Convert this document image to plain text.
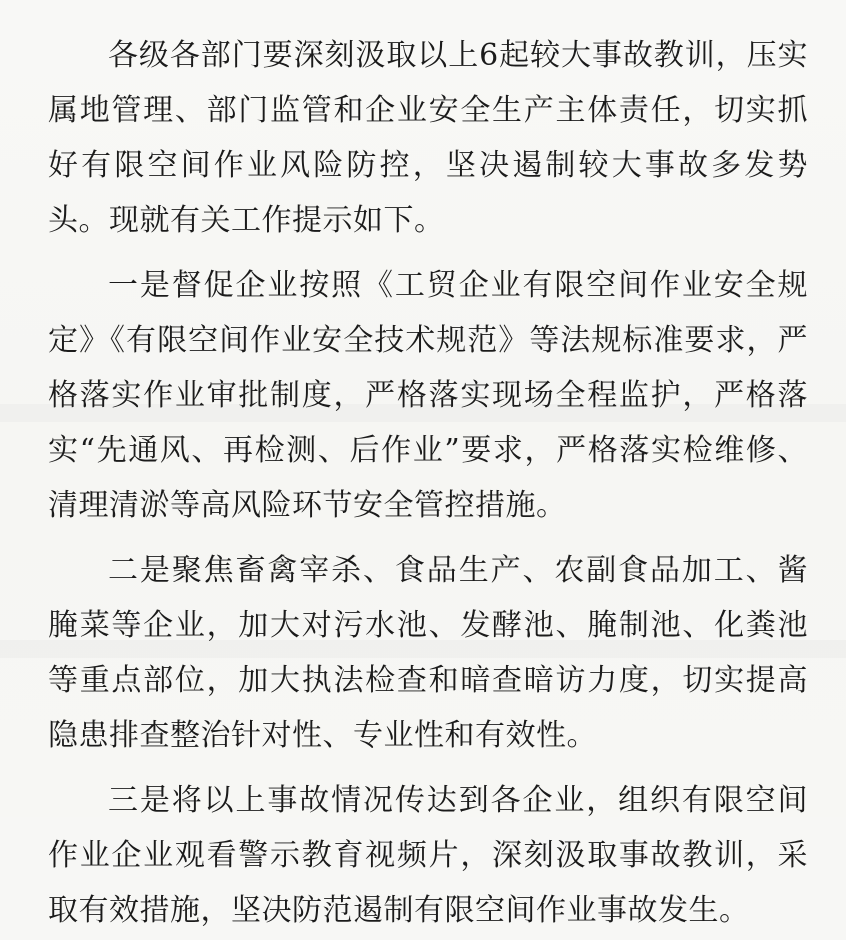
各级各部门要深刻汲取以上6起较大事故教训，压实属地管理、部门监管和企业安全生产主体责任，切实抓好有限空间作业风险防控，坚决遏制较大事故多发势头。现就有关工作提示如下。

一是督促企业按照《工贸企业有限空间作业安全规定》《有限空间作业安全技术规范》等法规标准要求，严格落实作业审批制度，严格落实现场全程监护，严格落实“先通风、再检测、后作业”要求，严格落实检维修、清理清淤等高风险环节安全管控措施。

二是聚焦畜禽宰杀、食品生产、农副食品加工、酱腌菜等企业，加大对污水池、发酵池、腌制池、化粪池等重点部位，加大执法检查和暗查暗访力度，切实提高隐患排查整治针对性、专业性和有效性。

三是将以上事故情况传达到各企业，组织有限空间作业企业观看警示教育视频片，深刻汲取事故教训，采取有效措施，坚决防范遏制有限空间作业事故发生。
